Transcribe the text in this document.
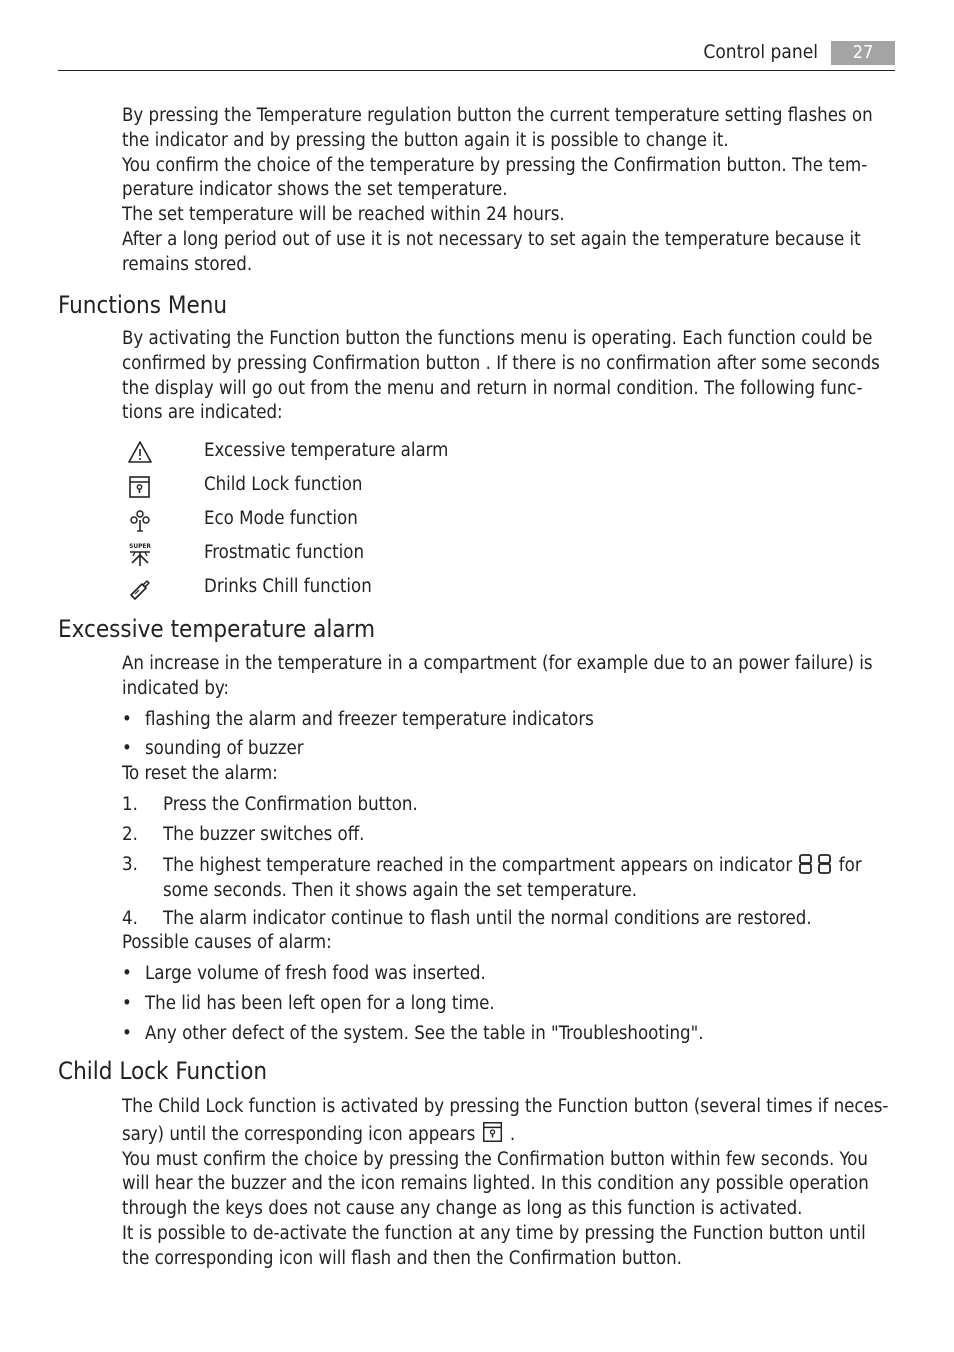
Control panel	27

By pressing the Temperature regulation button the current temperature setting flashes on
the indicator and by pressing the button again it is possible to change it.
You confirm the choice of the temperature by pressing the Confirmation button. The tem-
perature indicator shows the set temperature.
The set temperature will be reached within 24 hours.
After a long period out of use it is not necessary to set again the temperature because it
remains stored.

Functions Menu

By activating the Function button the functions menu is operating. Each function could be
confirmed by pressing Confirmation button . If there is no confirmation after some seconds
the display will go out from the menu and return in normal condition. The following func-
tions are indicated:

Excessive temperature alarm
Child Lock function
Eco Mode function
SUPER	Frostmatic function
Drinks Chill function
Excessive temperature alarm

An increase in the temperature in a compartment (for example due to an power failure) is
indicated by:

• flashing the alarm and freezer temperature indicators
• sounding of buzzer

To reset the alarm:

1. Press the Confirmation button.
2. The buzzer switches off.
3. The highest temperature reached in the compartment appears on indicator	for
some seconds. Then it shows again the set temperature.
4. The alarm indicator continue to flash until the normal conditions are restored.

Possible causes of alarm:

• Large volume of fresh food was inserted.
• The lid has been left open for a long time.
• Any other defect of the system. See the table in "Troubleshooting".
Child Lock Function

The Child Lock function is activated by pressing the Function button (several times if neces-
sary) until the corresponding icon appears .
You must confirm the choice by pressing the Confirmation button within few seconds. You
will hear the buzzer and the icon remains lighted. In this condition any possible operation
through the keys does not cause any change as long as this function is activated.
It is possible to de-activate the function at any time by pressing the Function button until
the corresponding icon will flash and then the Confirmation button.
